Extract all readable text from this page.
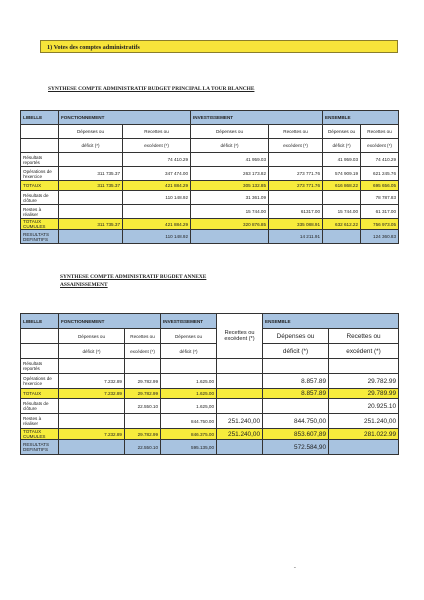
1) Votes des comptes administratifs
SYNTHESE COMPTE ADMINISTRATIF BUDGET PRINCIPAL LA TOUR BLANCHE
LIBELLE	FONCTIONNEMENT		INVESTISSEMENT		ENSEMBLE	
	Dépenses ou	Recettes ou	Dépenses ou	Recettes ou	Dépenses ou	Recettes ou
	déficit (*)	excédent (*)	déficit (*)	excédent (*)	déficit (*)	excédent (*)
Résultats reportés		74 410.29	41 959.03		41 959.03	74 410.29
Opérations de l'exercice	311 735.37	347 474.00	263 173.82	273 771.76	574 909.19	621 245.76
TOTAUX	311 735.37	421 884.29	305 132.85	273 771.76	616 868.22	695 656.05
Résultats de clôture		110 148.92	31 361.09			78 787.83
Restes à réaliser			15 744.00	61317.00	15 744.00	61 317.00
TOTAUX CUMULES	311 735.37	421 884.29	320 876.85	335 088.91	632 612.22	756 973.05
RESULTATS DEFINITIFS		110 148.92		14 211.91		124 360.83
SYNTHESE COMPTE ADMINISTRATIF BUGDET ANNEXE
ASSAINISSEMENT
LIBELLE	FONCTIONNEMENT		INVESTISSEMENT	Recettes ou excédent (*)	ENSEMBLE	
	Dépenses ou	Recettes ou	Dépenses ou		Dépenses ou	Recettes ou
	déficit (*)	excédent (*)	déficit (*)		déficit (*)	excédent (*)
Résultats reportés						
Opérations de l'exercice	7.232.89	29.782.99	1.625.00		8.857.89	29.782.99
TOTAUX	7.232.89	29.782.99	1.625.00		8.857.89	29.789.99
Résultats de clôture		22.550.10	1.625,00			20.925.10
Restes à réaliser			844.750.00	251.240,00	844.750,00	251.240,00
TOTAUX CUMULES	7.232.89	29.782.99	846.375.00	251.240,00	853.607,89	281.022.99
RESULTATS DEFINITIFS		22.550.10	595.135,00		572.584,90	
˘
